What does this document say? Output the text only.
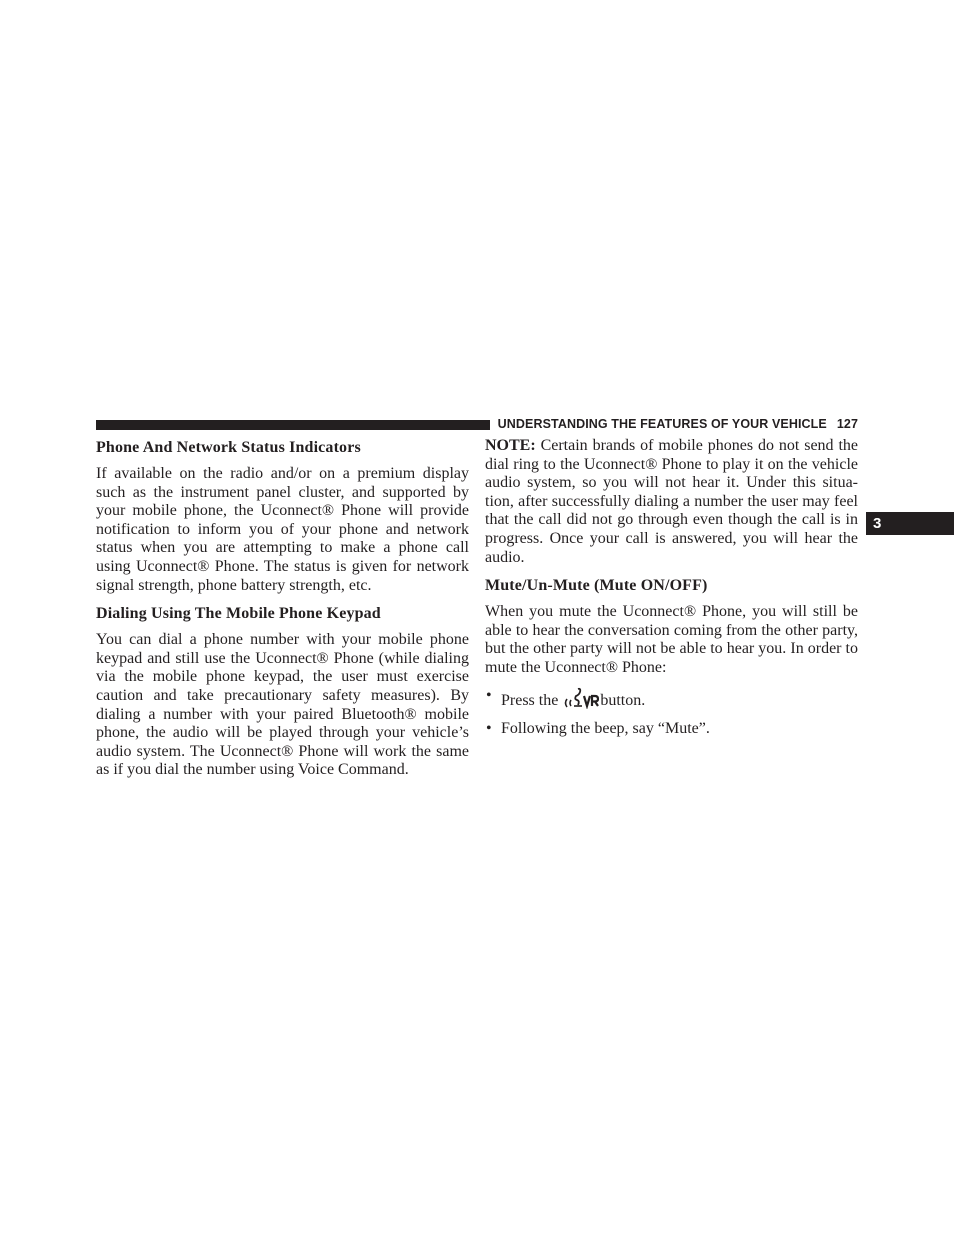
UNDERSTANDING THE FEATURES OF YOUR VEHICLE 127
3
Phone And Network Status Indicators

If available on the radio and/or on a premium display such as the instrument panel cluster, and supported by your mobile phone, the Uconnect® Phone will provide notification to inform you of your phone and network status when you are attempting to make a phone call using Uconnect® Phone. The status is given for network signal strength, phone battery strength, etc.

Dialing Using The Mobile Phone Keypad

You can dial a phone number with your mobile phone keypad and still use the Uconnect® Phone (while dialing via the mobile phone keypad, the user must exercise caution and take precautionary safety measures). By dialing a number with your paired Bluetooth® mobile phone, the audio will be played through your vehicle’s audio system. The Uconnect® Phone will work the same as if you dial the number using Voice Command.

NOTE: Certain brands of mobile phones do not send the dial ring to the Uconnect® Phone to play it on the vehicle audio system, so you will not hear it. Under this situa-tion, after successfully dialing a number the user may feel that the call did not go through even though the call is in progress. Once your call is answered, you will hear the audio.

Mute/Un-Mute (Mute ON/OFF)

When you mute the Uconnect® Phone, you will still be able to hear the conversation coming from the other party, but the other party will not be able to hear you. In order to mute the Uconnect® Phone:

• Press the button.
• Following the beep, say “Mute”.
